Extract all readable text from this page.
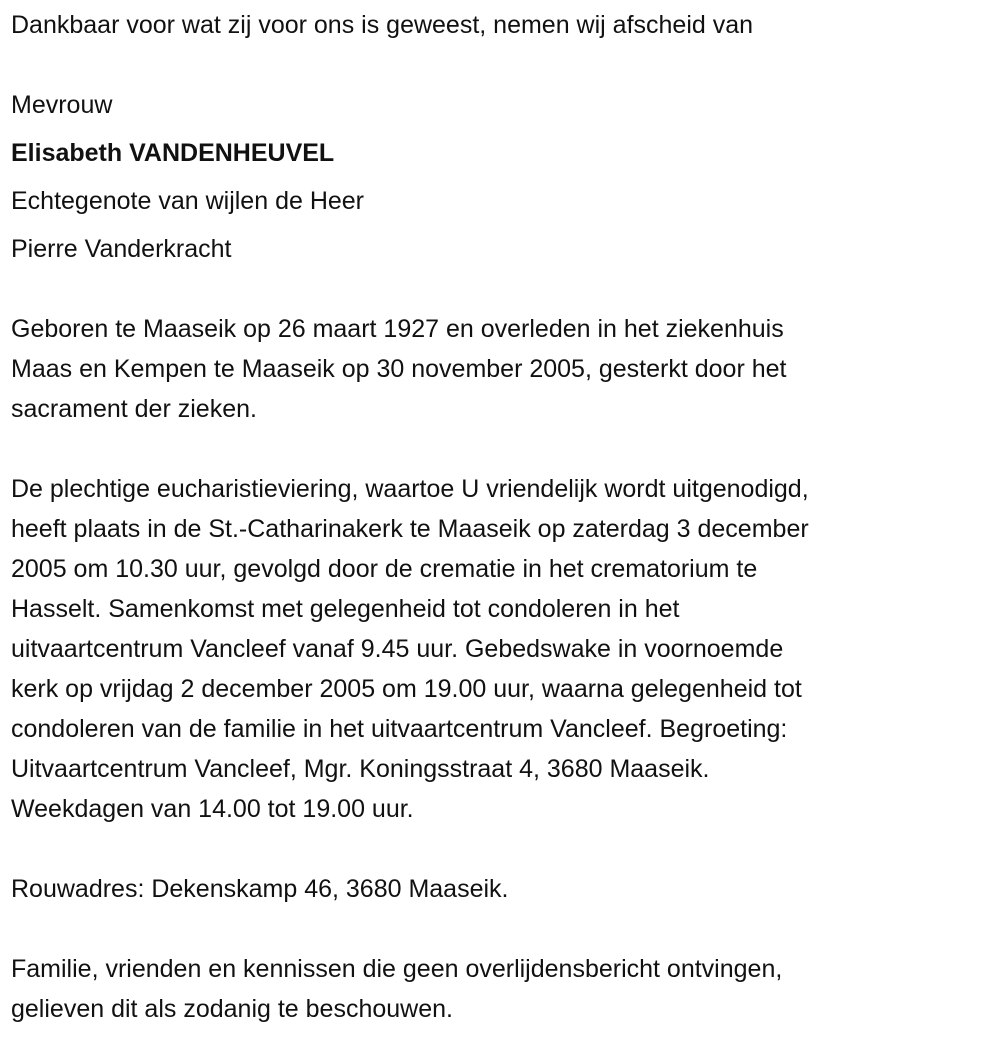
Dankbaar voor wat zij voor ons is geweest, nemen wij afscheid van
Mevrouw
Elisabeth VANDENHEUVEL
Echtegenote van wijlen de Heer
Pierre Vanderkracht
Geboren te Maaseik op 26 maart 1927 en overleden in het ziekenhuis
Maas en Kempen te Maaseik op 30 november 2005, gesterkt door het
sacrament der zieken.
De plechtige eucharistieviering, waartoe U vriendelijk wordt uitgenodigd,
heeft plaats in de St.-Catharinakerk te Maaseik op zaterdag 3 december
2005 om 10.30 uur, gevolgd door de crematie in het crematorium te
Hasselt. Samenkomst met gelegenheid tot condoleren in het
uitvaartcentrum Vancleef vanaf 9.45 uur. Gebedswake in voornoemde
kerk op vrijdag 2 december 2005 om 19.00 uur, waarna gelegenheid tot
condoleren van de familie in het uitvaartcentrum Vancleef. Begroeting:
Uitvaartcentrum Vancleef, Mgr. Koningsstraat 4, 3680 Maaseik.
Weekdagen van 14.00 tot 19.00 uur.
Rouwadres: Dekenskamp 46, 3680 Maaseik.
Familie, vrienden en kennissen die geen overlijdensbericht ontvingen,
gelieven dit als zodanig te beschouwen.
